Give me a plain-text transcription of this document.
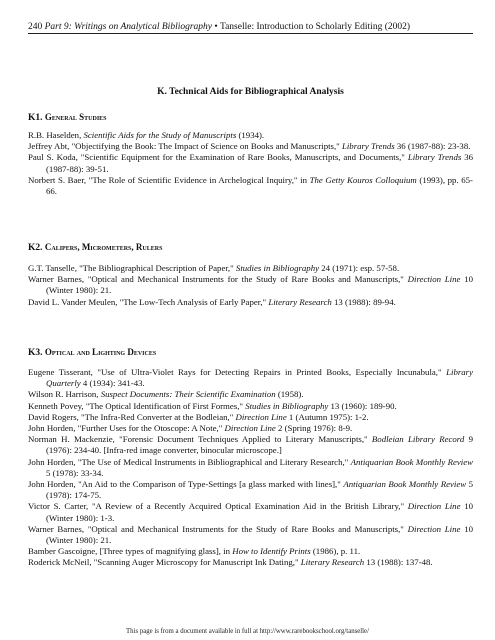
240 Part 9: Writings on Analytical Bibliography • Tanselle: Introduction to Scholarly Editing (2002)
K. Technical Aids for Bibliographical Analysis
K1. General Studies

R.B. Haselden, Scientific Aids for the Study of Manuscripts (1934).

Jeffrey Abt, "Objectifying the Book: The Impact of Science on Books and Manuscripts," Library Trends 36 (1987-88): 23-38.

Paul S. Koda, "Scientific Equipment for the Examination of Rare Books, Manuscripts, and Documents," Library Trends 36 (1987-88): 39-51.

Norbert S. Baer, "The Role of Scientific Evidence in Archelogical Inquiry," in The Getty Kouros Colloquium (1993), pp. 65-66.

K2. Calipers, Micrometers, Rulers

G.T. Tanselle, "The Bibliographical Description of Paper," Studies in Bibliography 24 (1971): esp. 57-58.

Warner Barnes, "Optical and Mechanical Instruments for the Study of Rare Books and Manuscripts," Direction Line 10 (Winter 1980): 21.

David L. Vander Meulen, "The Low-Tech Analysis of Early Paper," Literary Research 13 (1988): 89-94.

K3. Optical and Lighting Devices

Eugene Tisserant, "Use of Ultra-Violet Rays for Detecting Repairs in Printed Books, Especially Incunabula," Library Quarterly 4 (1934): 341-43.

Wilson R. Harrison, Suspect Documents: Their Scientific Examination (1958).

Kenneth Povey, "The Optical Identification of First Formes," Studies in Bibliography 13 (1960): 189-90.

David Rogers, "The Infra-Red Converter at the Bodleian," Direction Line 1 (Autumn 1975): 1-2.

John Horden, "Further Uses for the Otoscope: A Note," Direction Line 2 (Spring 1976): 8-9.

Norman H. Mackenzie, "Forensic Document Techniques Applied to Literary Manuscripts," Bodleian Library Record 9 (1976): 234-40. [Infra-red image converter, binocular microscope.]

John Horden, "The Use of Medical Instruments in Bibliographical and Literary Research," Antiquarian Book Monthly Review 5 (1978): 33-34.

John Horden, "An Aid to the Comparison of Type-Settings [a glass marked with lines]," Antiquarian Book Monthly Review 5 (1978): 174-75.

Victor S. Carter, "A Review of a Recently Acquired Optical Examination Aid in the British Library," Direction Line 10 (Winter 1980): 1-3.

Warner Barnes, "Optical and Mechanical Instruments for the Study of Rare Books and Manuscripts," Direction Line 10 (Winter 1980): 21.

Bamber Gascoigne, [Three types of magnifying glass], in How to Identify Prints (1986), p. 11.

Roderick McNeil, "Scanning Auger Microscopy for Manuscript Ink Dating," Literary Research 13 (1988): 137-48.

This page is from a document available in full at http://www.rarebookschool.org/tanselle/
